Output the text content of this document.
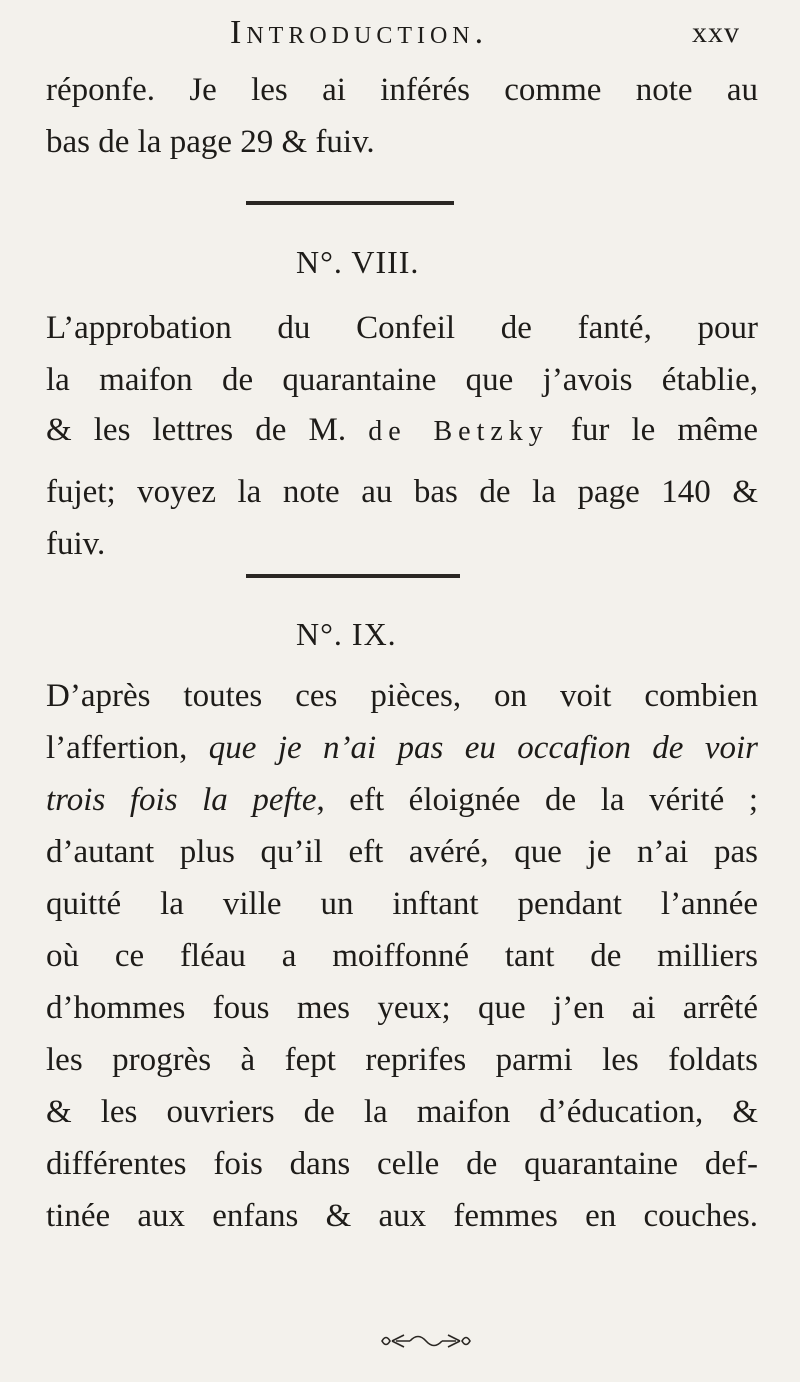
Introduction.	xxv
réponfe. Je les ai inférés comme note au
bas de la page 29 & fuiv.
N°. VIII.
L’approbation du Confeil de fanté, pour
la maifon de quarantaine que j’avois établie,
& les lettres de M. de Betzky fur le même
fujet; voyez la note au bas de la page 140 &
fuiv.
N°. IX.
D’après toutes ces pièces, on voit combien
l’affertion, que je n’ai pas eu occafion de voir
trois fois la pefte, eft éloignée de la vérité ;
d’autant plus qu’il eft avéré, que je n’ai pas
quitté la ville un inftant pendant l’année
où ce fléau a moiffonné tant de milliers
d’hommes fous mes yeux; que j’en ai arrêté
les progrès à fept reprifes parmi les foldats
& les ouvriers de la maifon d’éducation, &
différentes fois dans celle de quarantaine def-
tinée aux enfans & aux femmes en couches.
